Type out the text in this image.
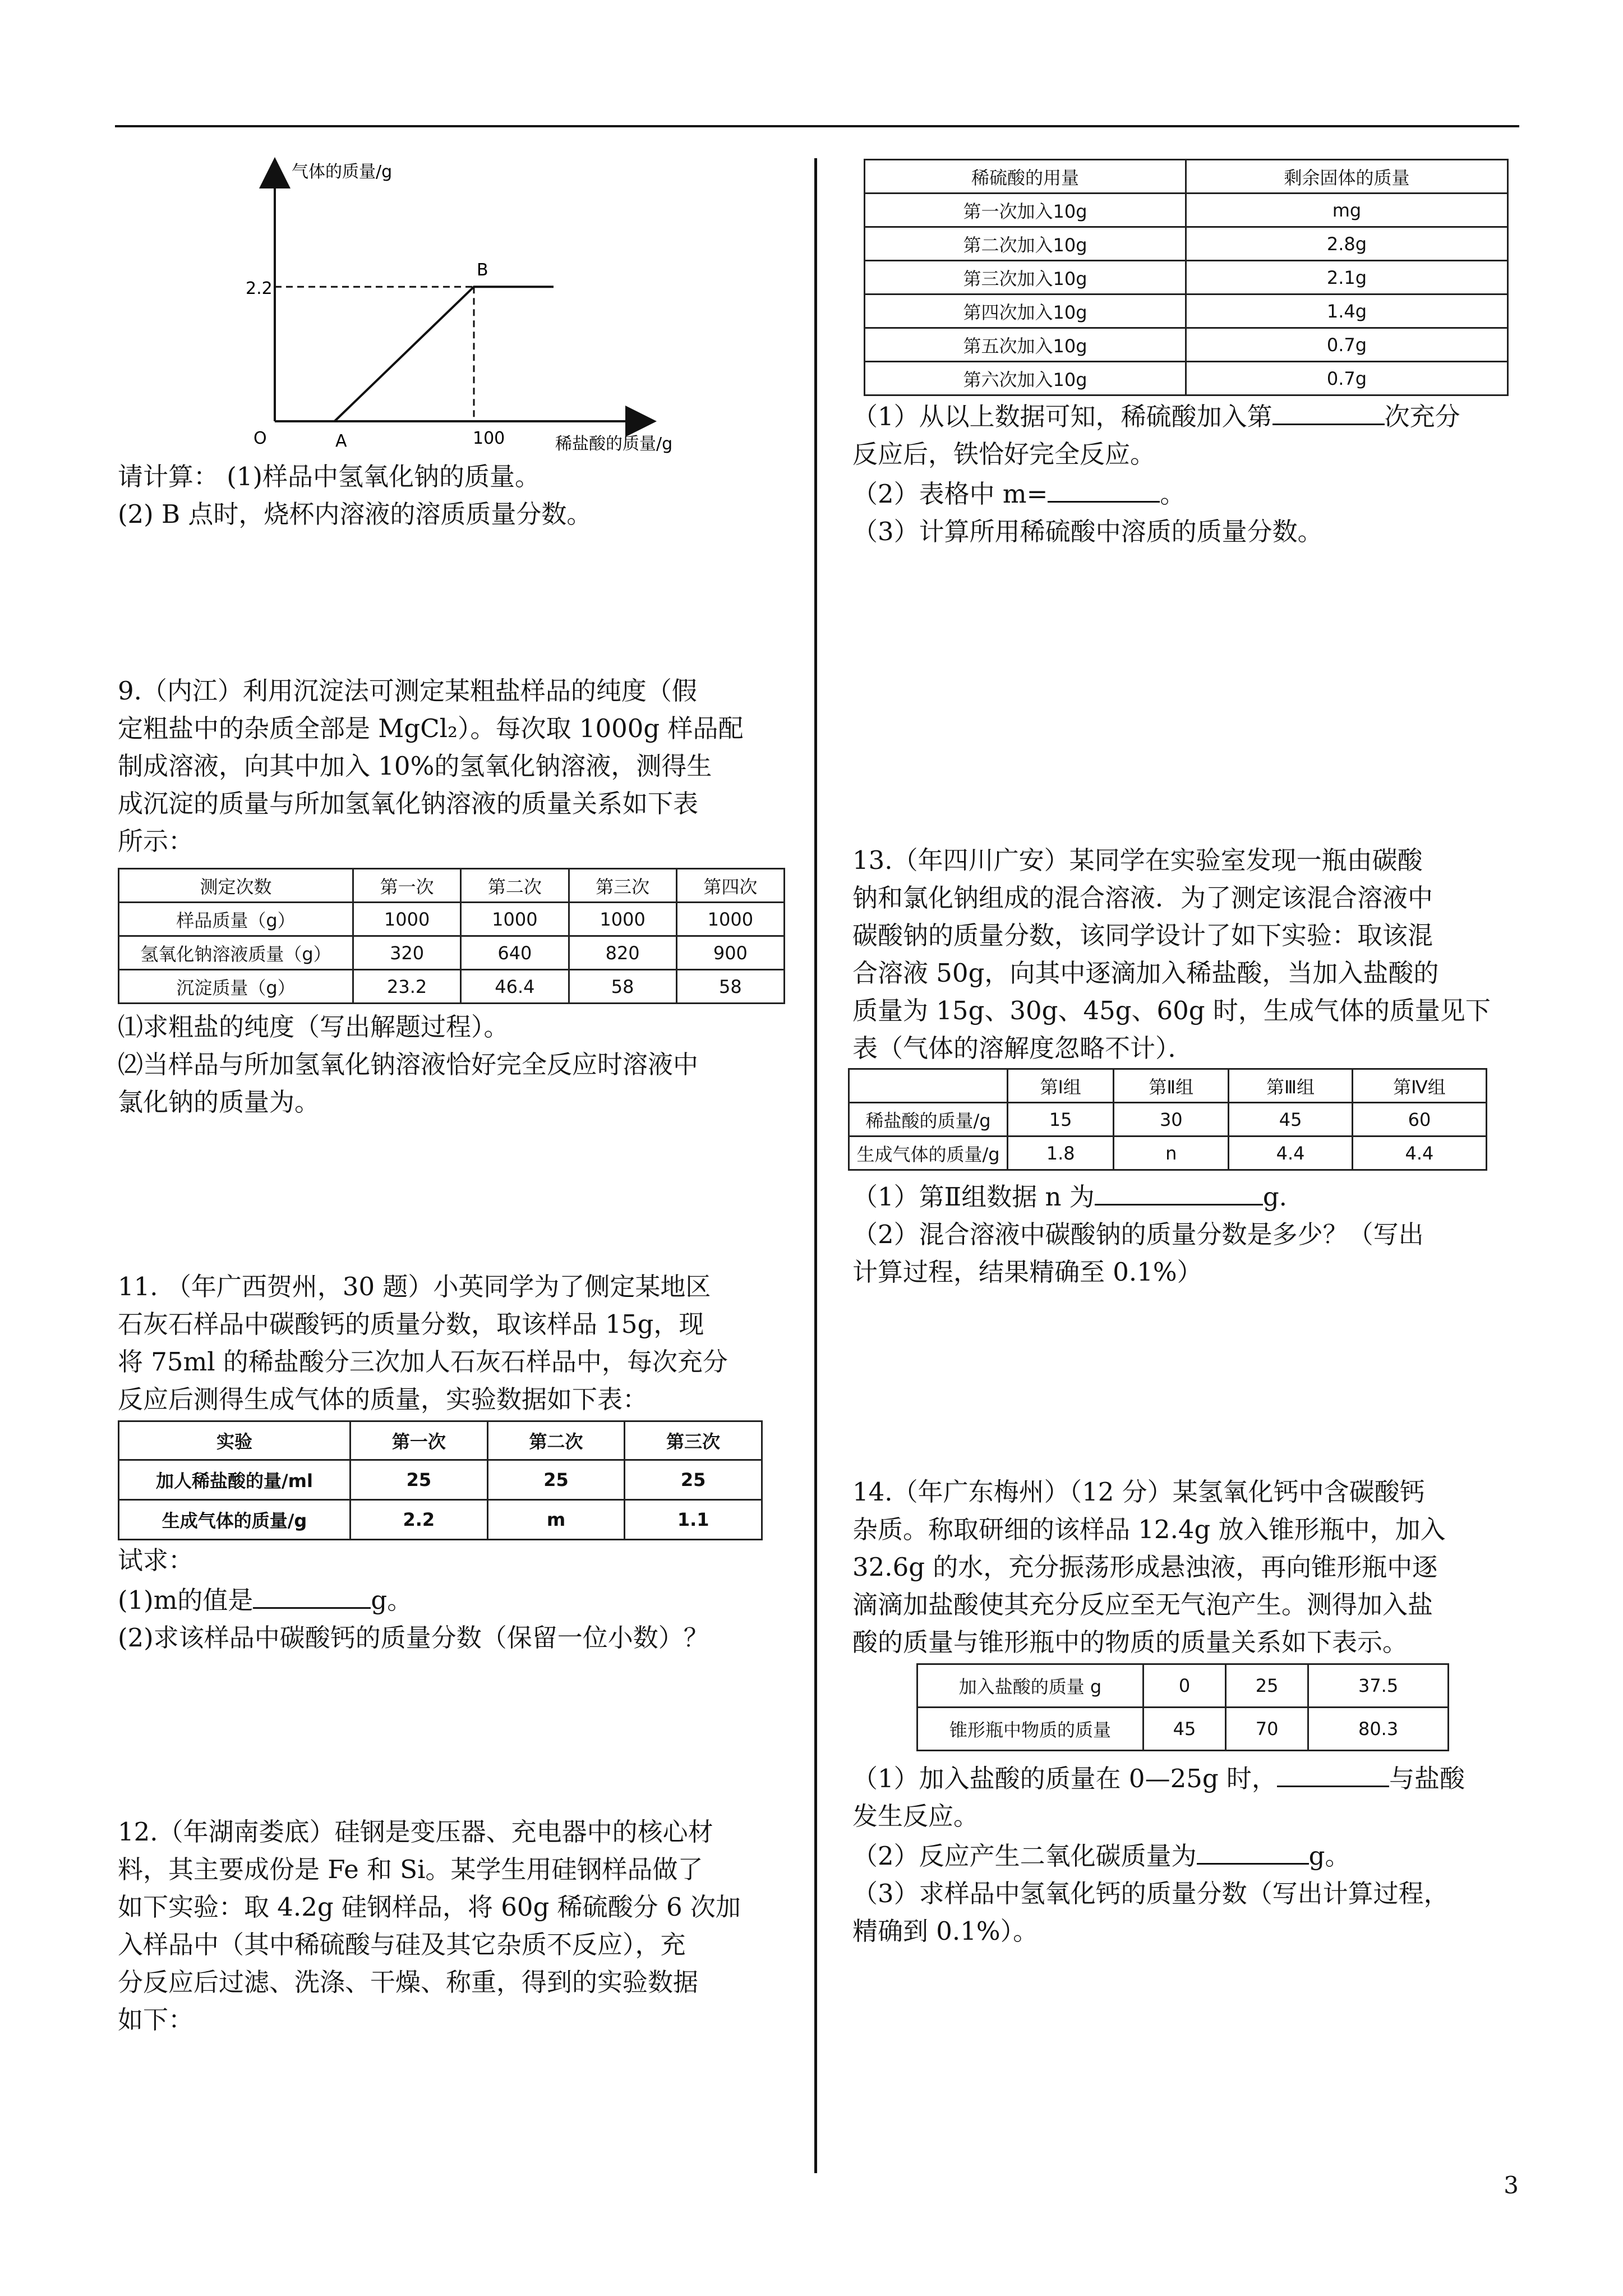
气体的质量/g
稀盐酸的质量/g
2.2
100
O	A
B

请计算： (1)样品中氢氧化钠的质量。

(2) B 点时，烧杯内溶液的溶质质量分数。

9.（内江）利用沉淀法可测定某粗盐样品的纯度（假

定粗盐中的杂质全部是 MgCl₂）。每次取 1000g 样品配

制成溶液，向其中加入 10%的氢氧化钠溶液，测得生

成沉淀的质量与所加氢氧化钠溶液的质量关系如下表

所示：

测定次数	第一次	第二次	第三次	第四次
样品质量（g）	1000	1000	1000	1000
氢氧化钠溶液质量（g）	320	640	820	900
沉淀质量（g）	23.2	46.4	58	58

⑴求粗盐的纯度（写出解题过程）。

⑵当样品与所加氢氧化钠溶液恰好完全反应时溶液中

氯化钠的质量为。

11. （年广西贺州，30 题）小英同学为了侧定某地区

石灰石样品中碳酸钙的质量分数，取该样品 15g，现

将 75ml 的稀盐酸分三次加人石灰石样品中，每次充分

反应后测得生成气体的质量，实验数据如下表：

实验	第一次	第二次	第三次
加人稀盐酸的量/ml	25	25	25
生成气体的质量/g	2.2	m	1.1

试求：

(1)m的值是	g。

(2)求该样品中碳酸钙的质量分数（保留一位小数）？

12.（年湖南娄底）硅钢是变压器、充电器中的核心材

料，其主要成份是 Fe 和 Si。某学生用硅钢样品做了

如下实验：取 4.2g 硅钢样品，将 60g 稀硫酸分 6 次加

入样品中（其中稀硫酸与硅及其它杂质不反应），充

分反应后过滤、洗涤、干燥、称重，得到的实验数据

如下：

稀硫酸的用量	剩余固体的质量
第一次加入10g	mg
第二次加入10g	2.8g
第三次加入10g	2.1g
第四次加入10g	1.4g
第五次加入10g	0.7g
第六次加入10g	0.7g

（1）从以上数据可知，稀硫酸加入第	次充分

反应后，铁恰好完全反应。

（2）表格中 m=	。

（3）计算所用稀硫酸中溶质的质量分数。

13.（年四川广安）某同学在实验室发现一瓶由碳酸

钠和氯化钠组成的混合溶液．为了测定该混合溶液中

碳酸钠的质量分数，该同学设计了如下实验：取该混

合溶液 50g，向其中逐滴加入稀盐酸，当加入盐酸的

质量为 15g、30g、45g、60g 时，生成气体的质量见下

表（气体的溶解度忽略不计）．

	第Ⅰ组	第Ⅱ组	第Ⅲ组	第Ⅳ组
稀盐酸的质量/g	15	30	45	60
生成气体的质量/g	1.8	n	4.4	4.4

（1）第Ⅱ组数据 n 为	g.

（2）混合溶液中碳酸钠的质量分数是多少？（写出

计算过程，结果精确至 0.1%）

14.（年广东梅州）（12 分）某氢氧化钙中含碳酸钙

杂质。称取研细的该样品 12.4g 放入锥形瓶中，加入

32.6g 的水，充分振荡形成悬浊液，再向锥形瓶中逐

滴滴加盐酸使其充分反应至无气泡产生。测得加入盐

酸的质量与锥形瓶中的物质的质量关系如下表示。

加入盐酸的质量 g	0	25	37.5
锥形瓶中物质的质量	45	70	80.3

（1）加入盐酸的质量在 0—25g 时，	与盐酸

发生反应。

（2）反应产生二氧化碳质量为	g。

（3）求样品中氢氧化钙的质量分数（写出计算过程，

精确到 0.1%）。

3
